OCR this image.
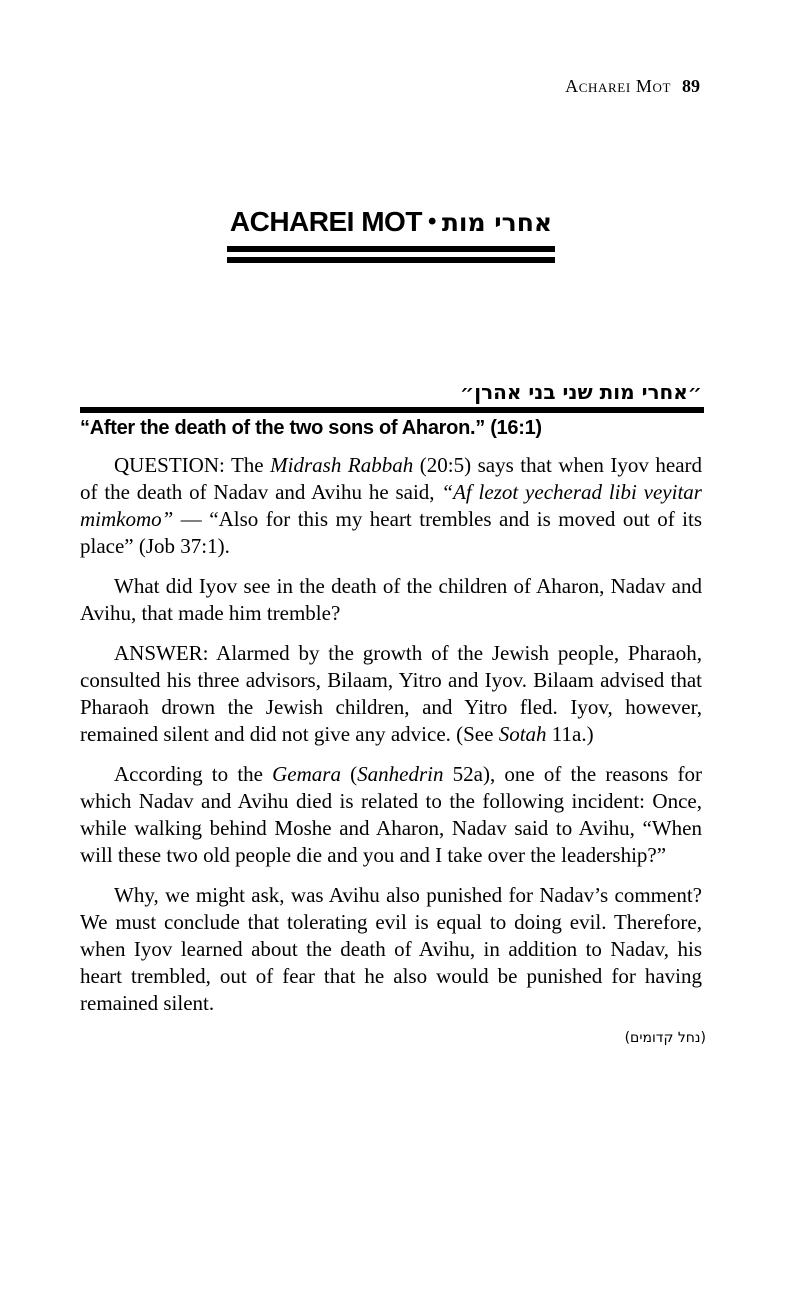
Acharei Mot 89
ACHAREI MOT • אחרי מות
״אחרי מות שני בני אהרן״
“After the death of the two sons of Aharon.” (16:1)

QUESTION: The Midrash Rabbah (20:5) says that when Iyov heard of the death of Nadav and Avihu he said, “Af lezot yecherad libi veyitar mimkomo” — “Also for this my heart trembles and is moved out of its place” (Job 37:1).

What did Iyov see in the death of the children of Aharon, Nadav and Avihu, that made him tremble?

ANSWER: Alarmed by the growth of the Jewish people, Pharaoh, consulted his three advisors, Bilaam, Yitro and Iyov. Bilaam advised that Pharaoh drown the Jewish children, and Yitro fled. Iyov, however, remained silent and did not give any advice. (See Sotah 11a.)

According to the Gemara (Sanhedrin 52a), one of the reasons for which Nadav and Avihu died is related to the following incident: Once, while walking behind Moshe and Aharon, Nadav said to Avihu, “When will these two old people die and you and I take over the leadership?”

Why, we might ask, was Avihu also punished for Nadav’s comment? We must conclude that tolerating evil is equal to doing evil. Therefore, when Iyov learned about the death of Avihu, in addition to Nadav, his heart trembled, out of fear that he also would be punished for having remained silent.

(נחל קדומים)
